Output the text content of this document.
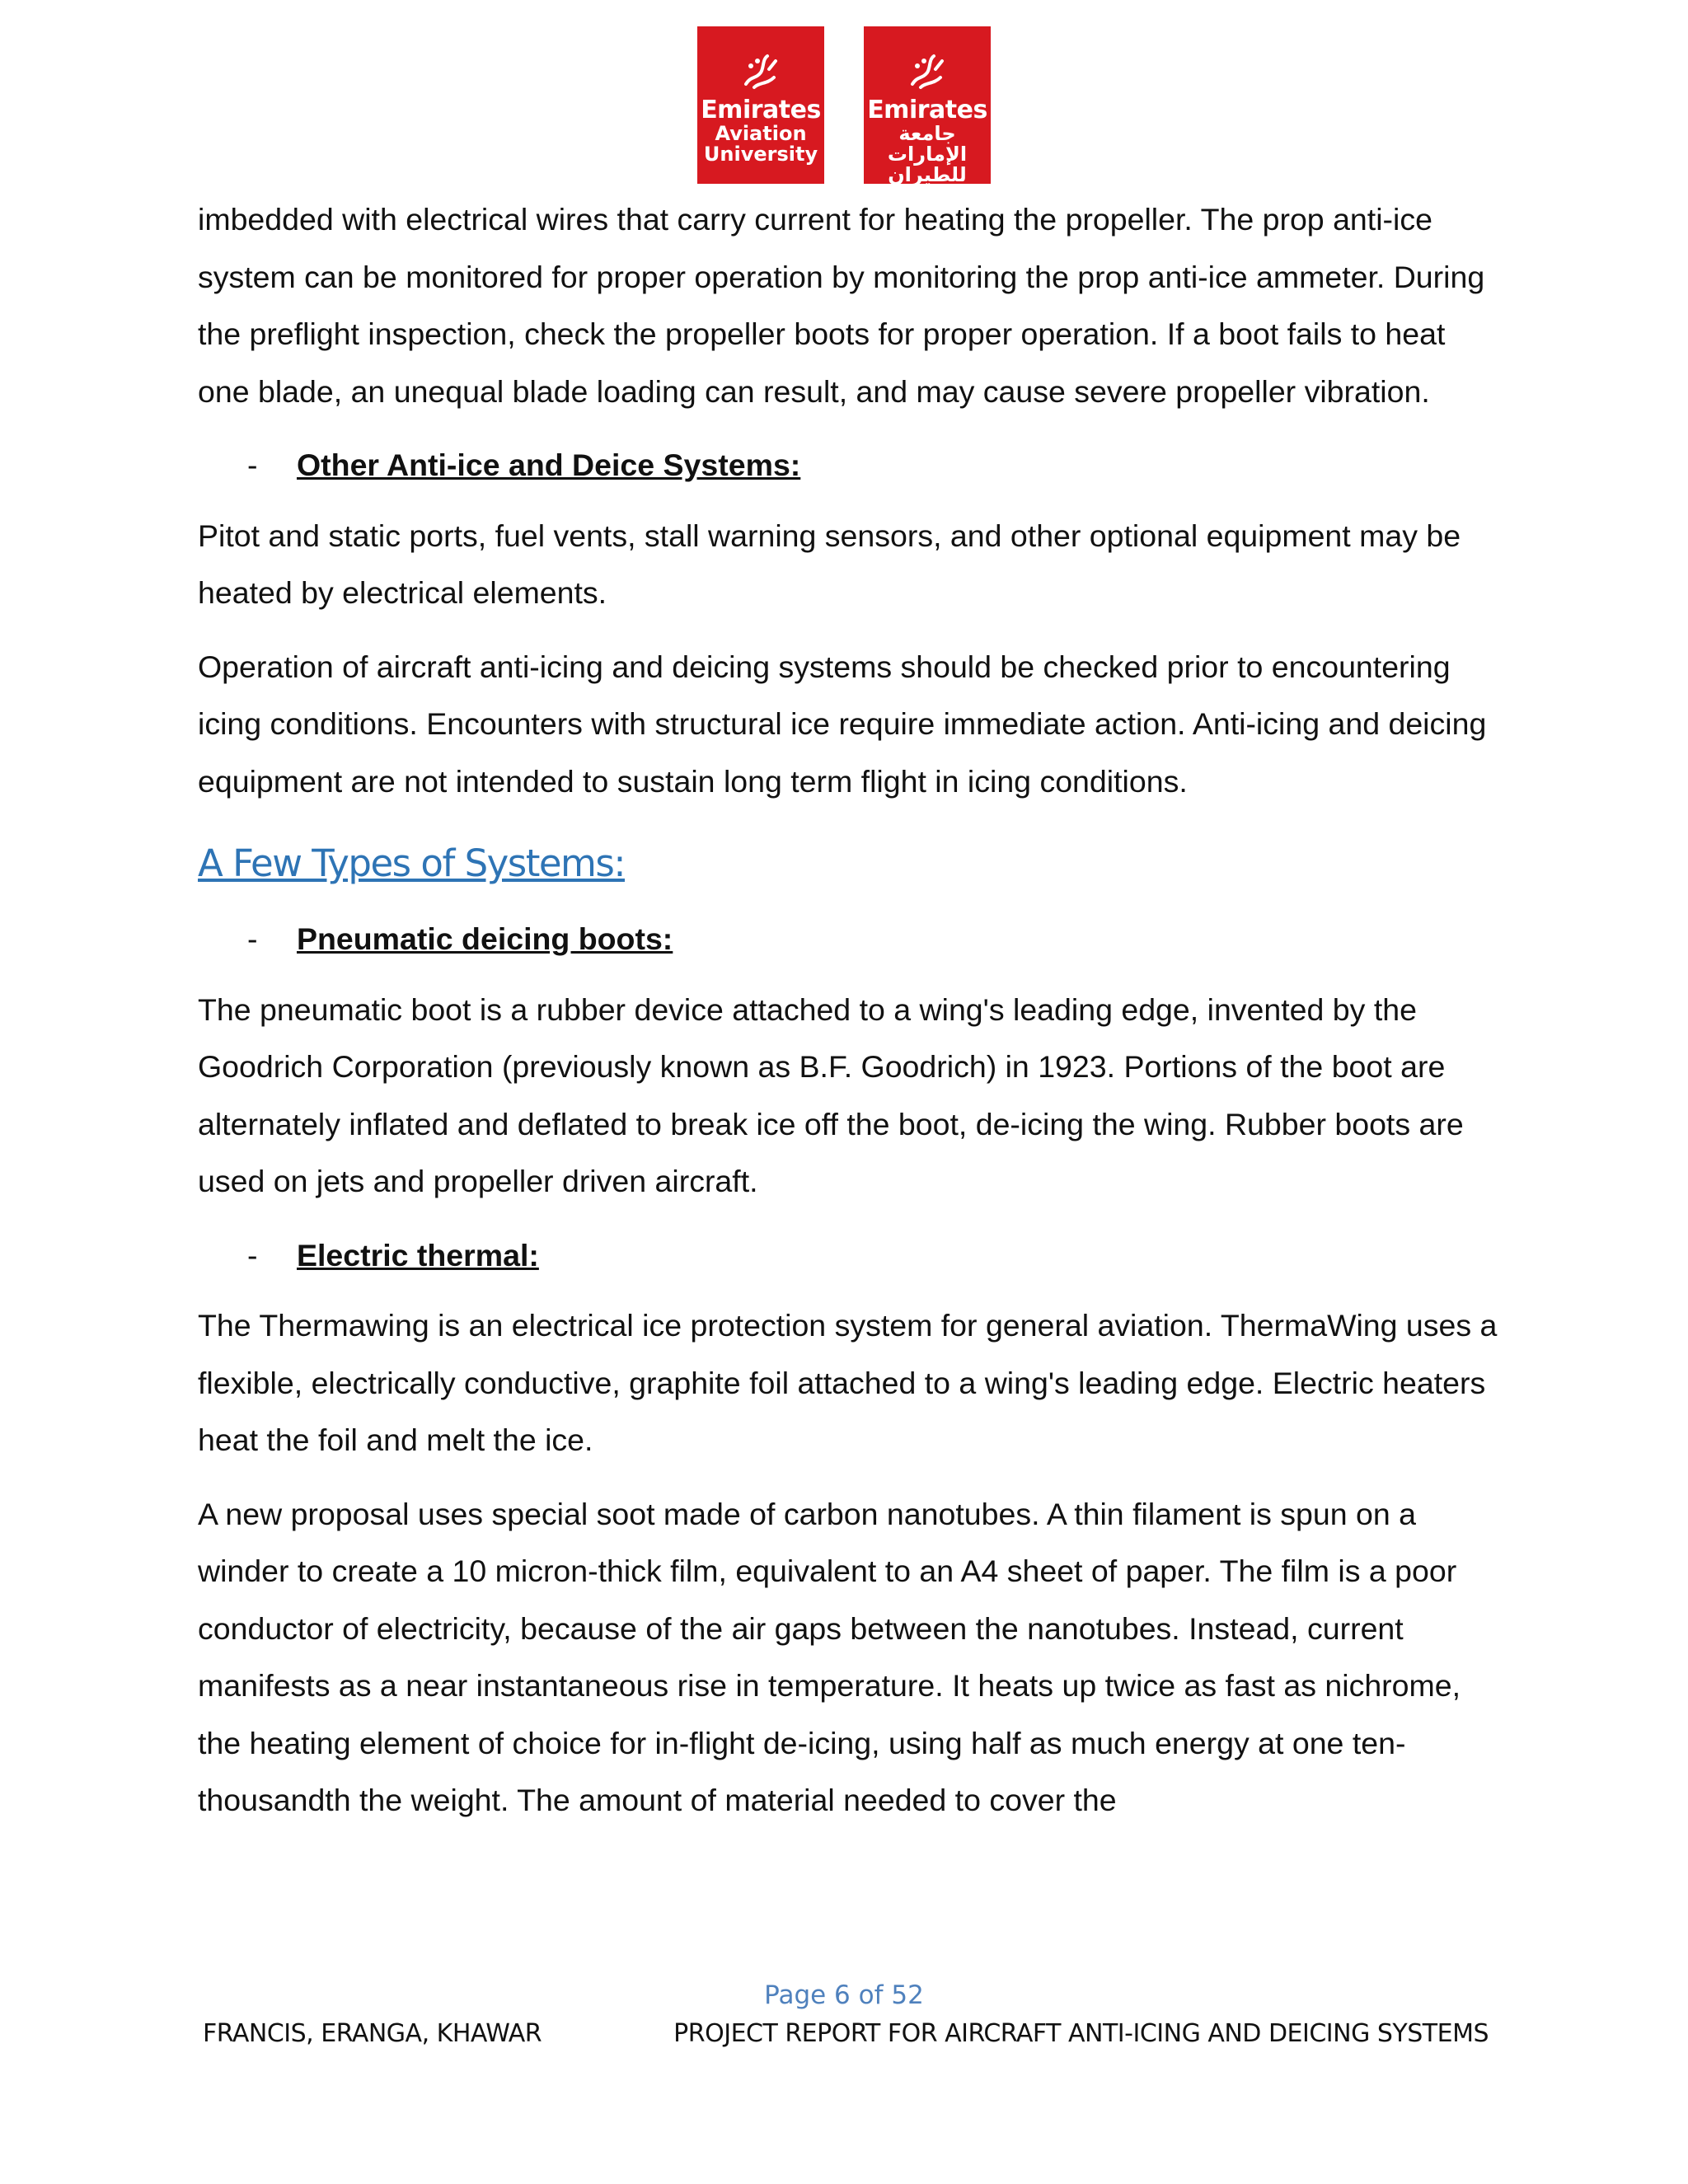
Emirates
Aviation
University
Emirates
جامعة الإمارات
للطيران

imbedded with electrical wires that carry current for heating the propeller. The prop anti-ice system can be monitored for proper operation by monitoring the prop anti-ice ammeter. During the preflight inspection, check the propeller boots for proper operation. If a boot fails to heat one blade, an unequal blade loading can result, and may cause severe propeller vibration.

-	Other Anti-ice and Deice Systems:

Pitot and static ports, fuel vents, stall warning sensors, and other optional equipment may be heated by electrical elements.

Operation of aircraft anti-icing and deicing systems should be checked prior to encountering icing conditions. Encounters with structural ice require immediate action. Anti-icing and deicing equipment are not intended to sustain long term flight in icing conditions.

A Few Types of Systems:
-	Pneumatic deicing boots:

The pneumatic boot is a rubber device attached to a wing's leading edge, invented by the Goodrich Corporation (previously known as B.F. Goodrich) in 1923. Portions of the boot are alternately inflated and deflated to break ice off the boot, de-icing the wing. Rubber boots are used on jets and propeller driven aircraft.

-	Electric thermal:

The Thermawing is an electrical ice protection system for general aviation. ThermaWing uses a flexible, electrically conductive, graphite foil attached to a wing's leading edge. Electric heaters heat the foil and melt the ice.

A new proposal uses special soot made of carbon nanotubes. A thin filament is spun on a winder to create a 10 micron-thick film, equivalent to an A4 sheet of paper. The film is a poor conductor of electricity, because of the air gaps between the nanotubes. Instead, current manifests as a near instantaneous rise in temperature. It heats up twice as fast as nichrome, the heating element of choice for in-flight de-icing, using half as much energy at one ten-thousandth the weight. The amount of material needed to cover the

Page 6 of 52
FRANCIS, ERANGA, KHAWAR	PROJECT REPORT FOR AIRCRAFT ANTI-ICING AND DEICING SYSTEMS
